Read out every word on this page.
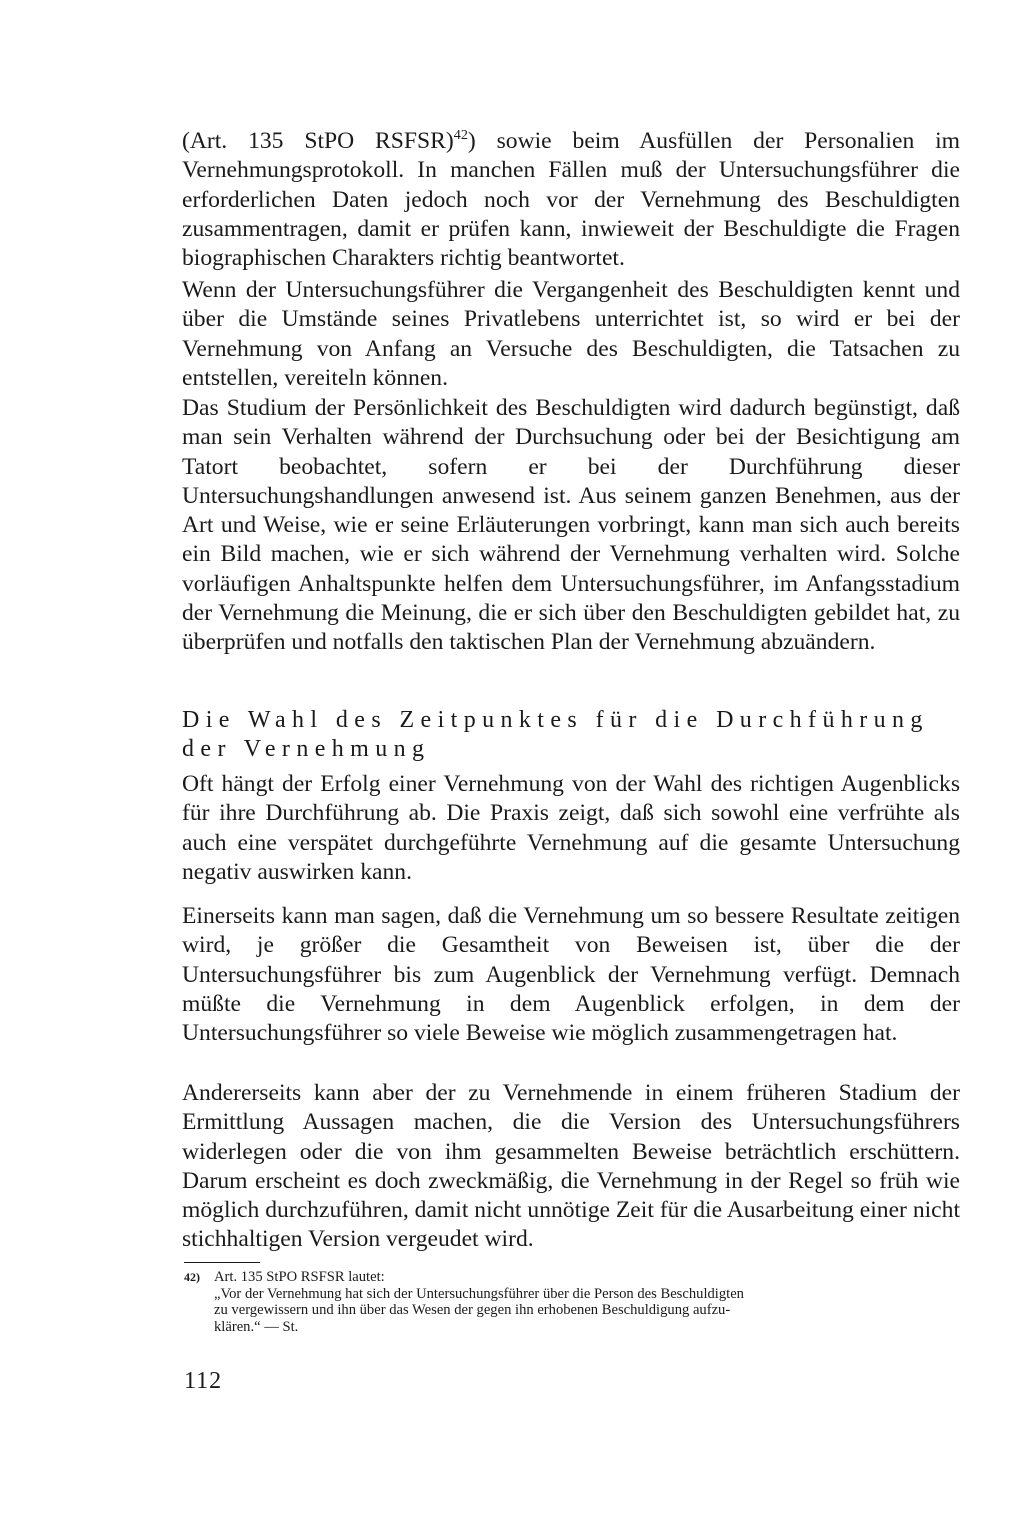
(Art. 135 StPO RSFSR)$^{42}$) sowie beim Ausfüllen der Personalien im Vernehmungsprotokoll. In manchen Fällen muß der Untersuchungsführer die erforderlichen Daten jedoch noch vor der Vernehmung des Beschuldigten zusammentragen, damit er prüfen kann, inwieweit der Beschuldigte die Fragen biographischen Charakters richtig beantwortet.

Wenn der Untersuchungsführer die Vergangenheit des Beschuldigten kennt und über die Umstände seines Privatlebens unterrichtet ist, so wird er bei der Vernehmung von Anfang an Versuche des Beschuldigten, die Tatsachen zu entstellen, vereiteln können.

Das Studium der Persönlichkeit des Beschuldigten wird dadurch begünstigt, daß man sein Verhalten während der Durchsuchung oder bei der Besichtigung am Tatort beobachtet, sofern er bei der Durchführung dieser Untersuchungshandlungen anwesend ist. Aus seinem ganzen Benehmen, aus der Art und Weise, wie er seine Erläuterungen vorbringt, kann man sich auch bereits ein Bild machen, wie er sich während der Vernehmung verhalten wird. Solche vorläufigen Anhaltspunkte helfen dem Untersuchungsführer, im Anfangsstadium der Vernehmung die Meinung, die er sich über den Beschuldigten gebildet hat, zu überprüfen und notfalls den taktischen Plan der Vernehmung abzuändern.

Die Wahl des Zeitpunktes für die Durchführung
der Vernehmung

Oft hängt der Erfolg einer Vernehmung von der Wahl des richtigen Augenblicks für ihre Durchführung ab. Die Praxis zeigt, daß sich sowohl eine verfrühte als auch eine verspätet durchgeführte Vernehmung auf die gesamte Untersuchung negativ auswirken kann.

Einerseits kann man sagen, daß die Vernehmung um so bessere Resultate zeitigen wird, je größer die Gesamtheit von Beweisen ist, über die der Untersuchungsführer bis zum Augenblick der Vernehmung verfügt. Demnach müßte die Vernehmung in dem Augenblick erfolgen, in dem der Untersuchungsführer so viele Beweise wie möglich zusammengetragen hat.

Andererseits kann aber der zu Vernehmende in einem früheren Stadium der Ermittlung Aussagen machen, die die Version des Untersuchungsführers widerlegen oder die von ihm gesammelten Beweise beträchtlich erschüttern. Darum erscheint es doch zweckmäßig, die Vernehmung in der Regel so früh wie möglich durchzuführen, damit nicht unnötige Zeit für die Ausarbeitung einer nicht stichhaltigen Version vergeudet wird.

42) Art. 135 StPO RSFSR lautet:
„Vor der Vernehmung hat sich der Untersuchungsführer über die Person des Beschuldigten
zu vergewissern und ihn über das Wesen der gegen ihn erhobenen Beschuldigung aufzu-
klären.“ — St.
112
